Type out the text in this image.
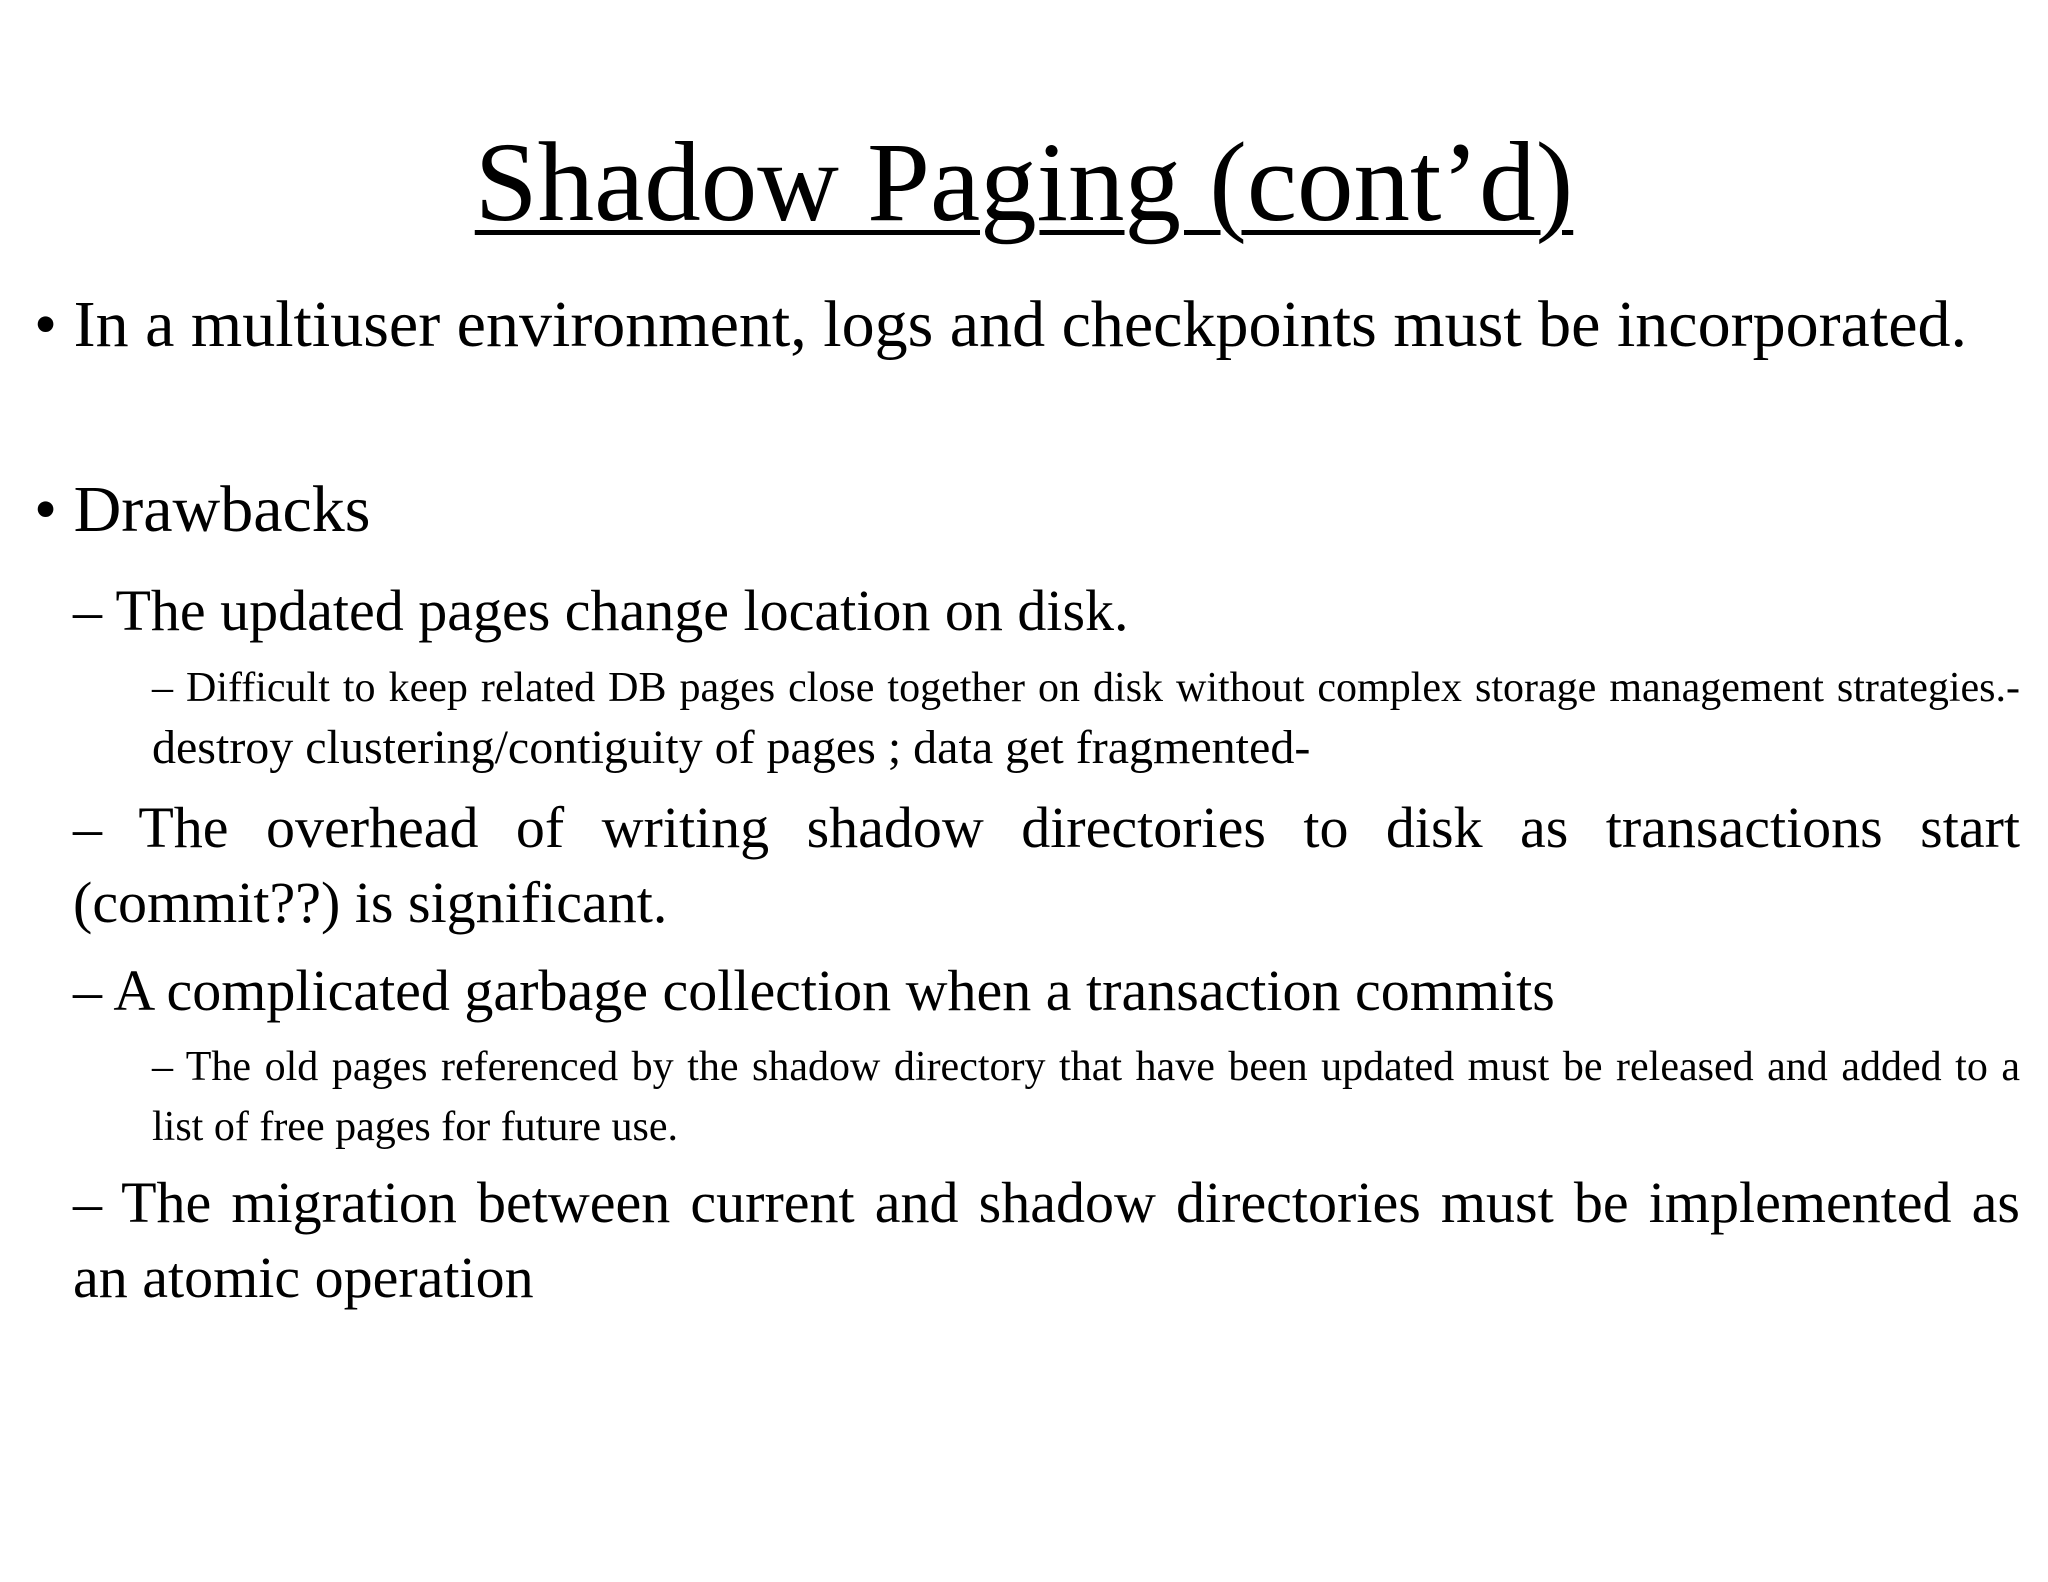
Shadow Paging (cont’d)
• In a multiuser environment, logs and checkpoints must be incorporated.
• Drawbacks
– The updated pages change location on disk.
– Difficult to keep related DB pages close together on disk without complex storage management strategies.- destroy clustering/contiguity of pages ; data get fragmented-
– The overhead of writing shadow directories to disk as transactions start (commit??) is significant.
– A complicated garbage collection when a transaction commits
– The old pages referenced by the shadow directory that have been updated must be released and added to a list of free pages for future use.
– The migration between current and shadow directories must be implemented as an atomic operation
